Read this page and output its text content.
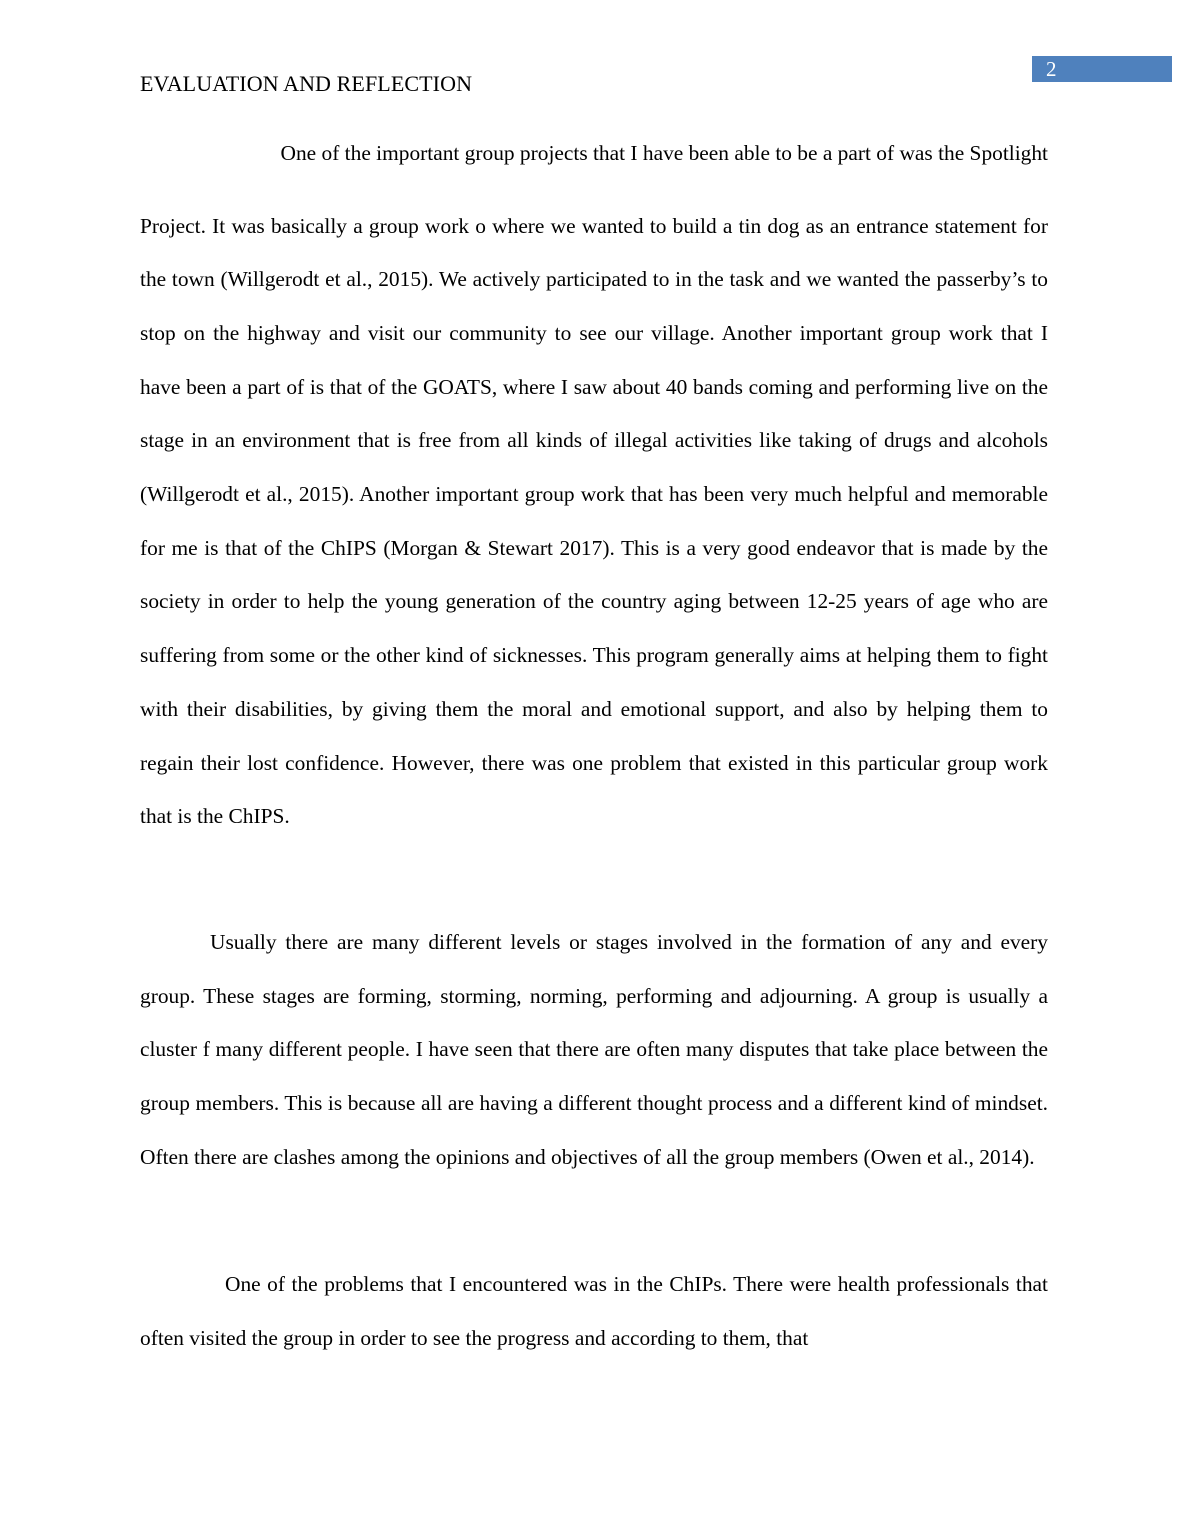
2
EVALUATION AND REFLECTION

One of the important group projects that I have been able to be a part of was the Spotlight
Project. It was basically a group work o where we wanted to build a tin dog as an entrance statement for the town (Willgerodt et al., 2015). We actively participated to in the task and we wanted the passerby’s to stop on the highway and visit our community to see our village. Another important group work that I have been a part of is that of the GOATS, where I saw about 40 bands coming and performing live on the stage in an environment that is free from all kinds of illegal activities like taking of drugs and alcohols (Willgerodt et al., 2015). Another important group work that has been very much helpful and memorable for me is that of the ChIPS (Morgan & Stewart 2017). This is a very good endeavor that is made by the society in order to help the young generation of the country aging between 12-25 years of age who are suffering from some or the other kind of sicknesses. This program generally aims at helping them to fight with their disabilities, by giving them the moral and emotional support, and also by helping them to regain their lost confidence. However, there was one problem that existed in this particular group work that is the ChIPS.

Usually there are many different levels or stages involved in the formation of any and every group. These stages are forming, storming, norming, performing and adjourning. A group is usually a cluster f many different people. I have seen that there are often many disputes that take place between the group members. This is because all are having a different thought process and a different kind of mindset. Often there are clashes among the opinions and objectives of all the group members (Owen et al., 2014).

One of the problems that I encountered was in the ChIPs. There were health professionals that often visited the group in order to see the progress and according to them, that
